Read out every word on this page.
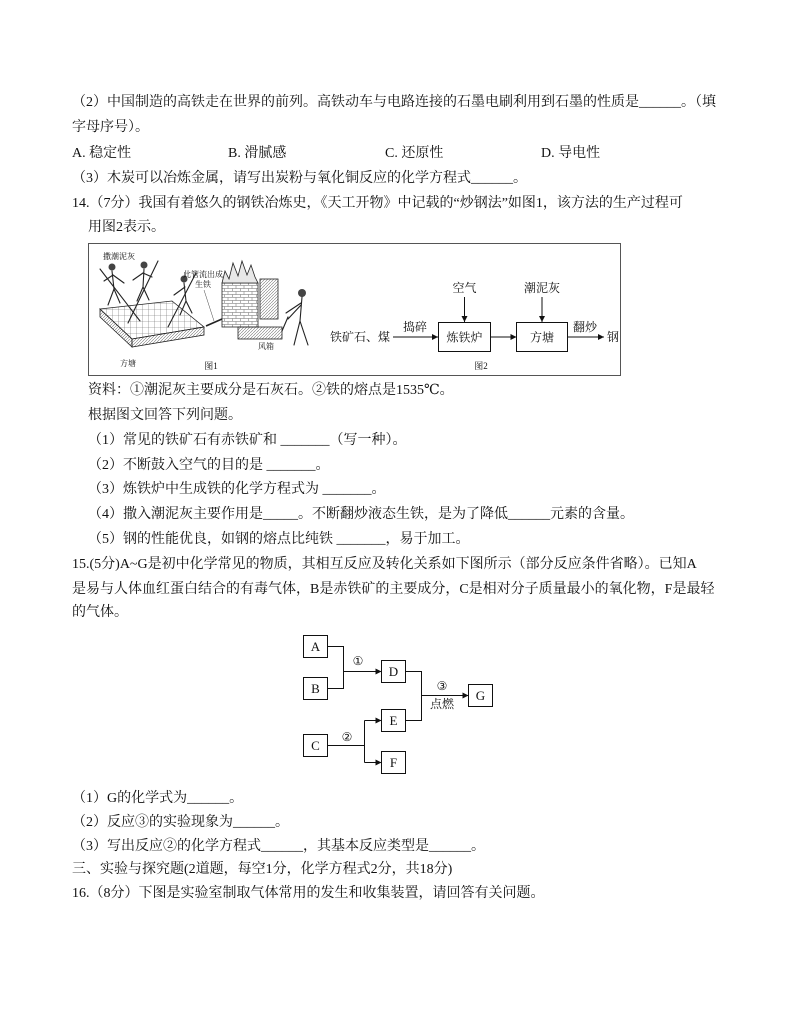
（2）中国制造的高铁走在世界的前列。高铁动车与电路连接的石墨电刷利用到石墨的性质是______。（填
字母序号）。
A. 稳定性	B. 滑腻感	C. 还原性	D. 导电性
（3）木炭可以冶炼金属，请写出炭粉与氧化铜反应的化学方程式______。
14.（7分）我国有着悠久的钢铁冶炼史，《天工开物》中记载的“炒钢法”如图1，该方法的生产过程可
用图2表示。
撒潮泥灰
此管流出成
生铁
方塘
风箱
图1
铁矿石、煤
捣碎
炼铁炉
空气
方塘
潮泥灰
翻炒
钢
图2
资料：①潮泥灰主要成分是石灰石。②铁的熔点是1535℃。
根据图文回答下列问题。
（1）常见的铁矿石有赤铁矿和 _______（写一种）。
（2）不断鼓入空气的目的是 _______。
（3）炼铁炉中生成铁的化学方程式为 _______。
（4）撒入潮泥灰主要作用是_____。不断翻炒液态生铁，是为了降低______元素的含量。
（5）钢的性能优良，如钢的熔点比纯铁 _______，易于加工。
15.(5分)A~G是初中化学常见的物质，其相互反应及转化关系如下图所示（部分反应条件省略）。已知A
是易与人体血红蛋白结合的有毒气体，B是赤铁矿的主要成分，C是相对分子质量最小的氧化物，F是最轻
的气体。
A
B
D
G
E
C
F
①
③
点燃
②
（1）G的化学式为______。
（2）反应③的实验现象为______。
（3）写出反应②的化学方程式______，其基本反应类型是______。
三、实验与探究题(2道题，每空1分，化学方程式2分，共18分)
16.（8分）下图是实验室制取气体常用的发生和收集装置，请回答有关问题。
